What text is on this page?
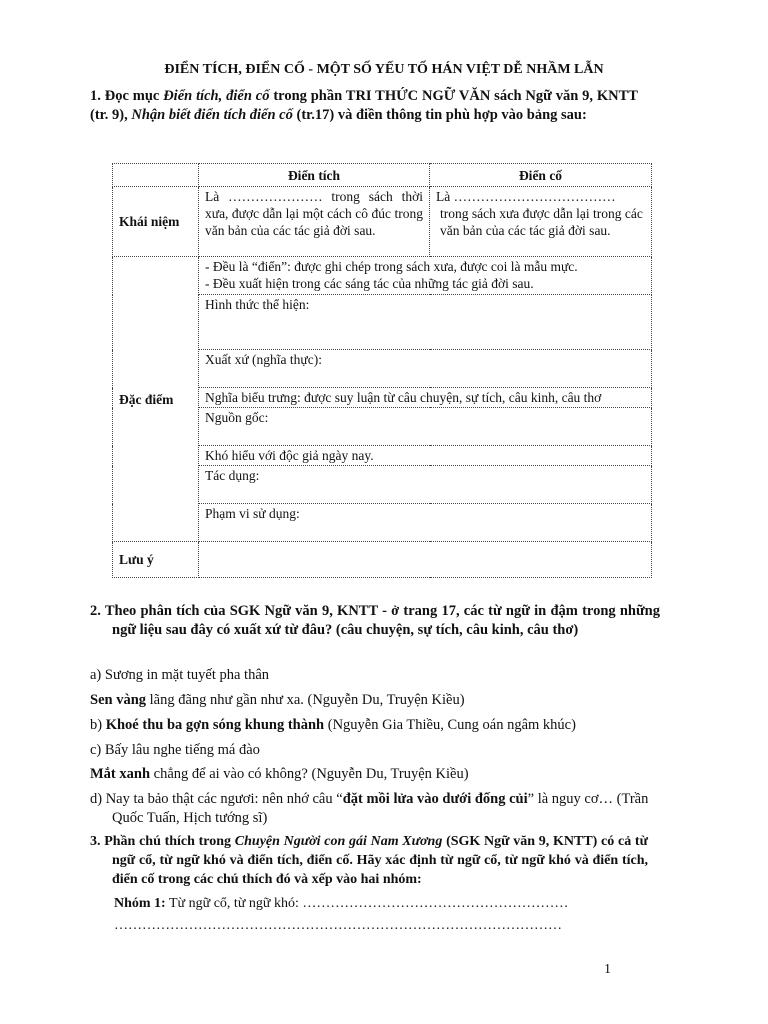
ĐIỂN TÍCH, ĐIỂN CỐ - MỘT SỐ YẾU TỐ HÁN VIỆT DỄ NHẦM LẪN
1. Đọc mục Điển tích, điển cố trong phần TRI THỨC NGỮ VĂN sách Ngữ văn 9, KNTT (tr. 9), Nhận biết điển tích điển cố (tr.17) và điền thông tin phù hợp vào bảng sau:
	Điển tích	Điển cố
Khái niệm	Là ………………… trong sách thời xưa, được dẫn lại một cách cô đúc trong văn bản của các tác giả đời sau.	Là ………………………………
trong sách xưa được dẫn lại trong các văn bản của các tác giả đời sau.

Đặc điểm	- Đều là “điển”: được ghi chép trong sách xưa, được coi là mẫu mực.
- Đều xuất hiện trong các sáng tác của những tác giả đời sau.	

	Hình thức thể hiện:	
	Xuất xứ (nghĩa thực):	
	Nghĩa biểu trưng: được suy luận từ câu chuyện, sự tích, câu kinh, câu thơ	
	Nguồn gốc:	
	Khó hiểu với độc giả ngày nay.	
	Tác dụng:	
	Phạm vi sử dụng:	
Lưu ý		
2. Theo phân tích của SGK Ngữ văn 9, KNTT - ở trang 17, các từ ngữ in đậm trong những ngữ liệu sau đây có xuất xứ từ đâu? (câu chuyện, sự tích, câu kinh, câu thơ)
a) Sương in mặt tuyết pha thân
Sen vàng lãng đãng như gần như xa. (Nguyễn Du, Truyện Kiều)
b) Khoé thu ba gợn sóng khung thành (Nguyễn Gia Thiều, Cung oán ngâm khúc)
c) Bấy lâu nghe tiếng má đào
Mắt xanh chẳng để ai vào có không? (Nguyễn Du, Truyện Kiều)
d) Nay ta bảo thật các ngươi: nên nhớ câu “đặt mồi lửa vào dưới đống củi” là nguy cơ… (Trần Quốc Tuấn, Hịch tướng sĩ)
3. Phần chú thích trong Chuyện Người con gái Nam Xương (SGK Ngữ văn 9, KNTT) có cả từ ngữ cổ, từ ngữ khó và điển tích, điển cố. Hãy xác định từ ngữ cổ, từ ngữ khó và điển tích, điển cố trong các chú thích đó và xếp vào hai nhóm:
Nhóm 1: Từ ngữ cổ, từ ngữ khó: …………………………………………………
……………………………………………………………………………………
1
